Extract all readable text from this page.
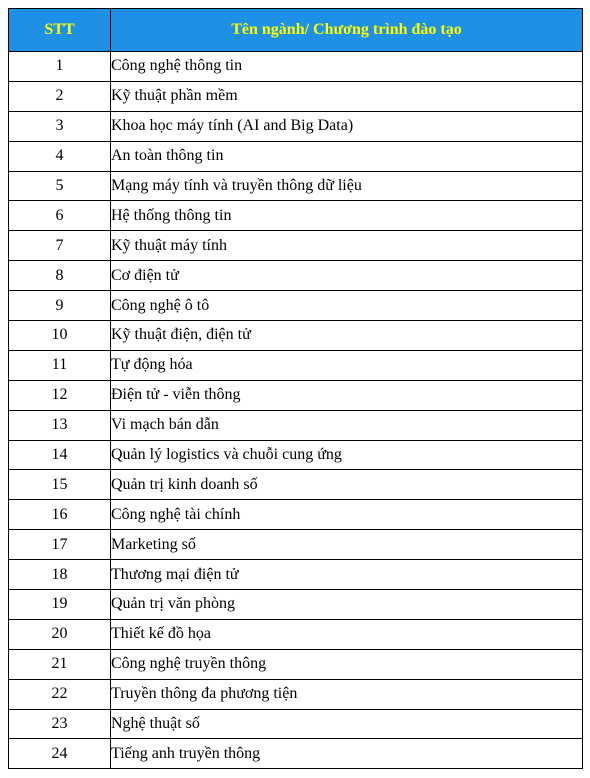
STT	Tên ngành/ Chương trình đào tạo
1	Công nghệ thông tin
2	Kỹ thuật phần mềm
3	Khoa học máy tính (AI and Big Data)
4	An toàn thông tin
5	Mạng máy tính và truyền thông dữ liệu
6	Hệ thống thông tin
7	Kỹ thuật máy tính
8	Cơ điện tử
9	Công nghệ ô tô
10	Kỹ thuật điện, điện tử
11	Tự động hóa
12	Điện tử - viễn thông
13	Vi mạch bán dẫn
14	Quản lý logistics và chuỗi cung ứng
15	Quản trị kinh doanh số
16	Công nghệ tài chính
17	Marketing số
18	Thương mại điện tử
19	Quản trị văn phòng
20	Thiết kế đồ họa
21	Công nghệ truyền thông
22	Truyền thông đa phương tiện
23	Nghệ thuật số
24	Tiếng anh truyền thông
